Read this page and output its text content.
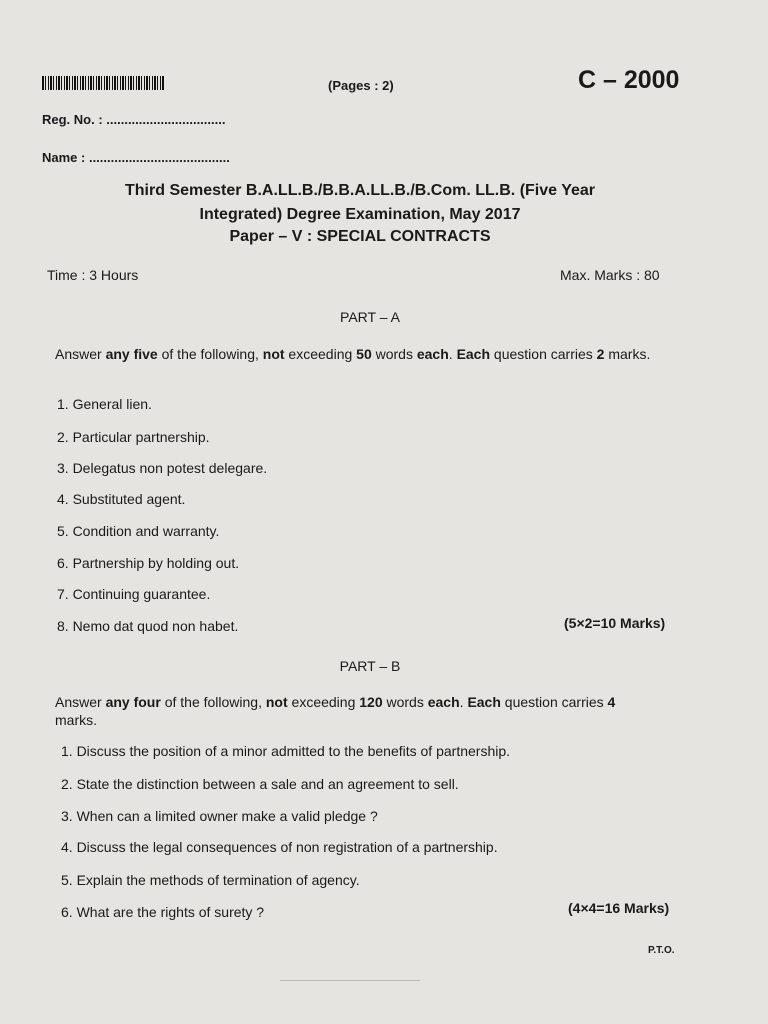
(Pages : 2)	C – 2000
Reg. No. : .................................
Name : .......................................
Third Semester B.A.LL.B./B.B.A.LL.B./B.Com. LL.B. (Five Year
Integrated) Degree Examination, May 2017
Paper – V : SPECIAL CONTRACTS
Time : 3 Hours	Max. Marks : 80
PART – A
Answer any five of the following, not exceeding 50 words each. Each question carries 2 marks.
1. General lien.
2. Particular partnership.
3. Delegatus non potest delegare.
4. Substituted agent.
5. Condition and warranty.
6. Partnership by holding out.
7. Continuing guarantee.
8. Nemo dat quod non habet.	(5×2=10 Marks)
PART – B
Answer any four of the following, not exceeding 120 words each. Each question carries 4 marks.
1. Discuss the position of a minor admitted to the benefits of partnership.
2. State the distinction between a sale and an agreement to sell.
3. When can a limited owner make a valid pledge ?
4. Discuss the legal consequences of non registration of a partnership.
5. Explain the methods of termination of agency.
6. What are the rights of surety ?	(4×4=16 Marks)
P.T.O.
